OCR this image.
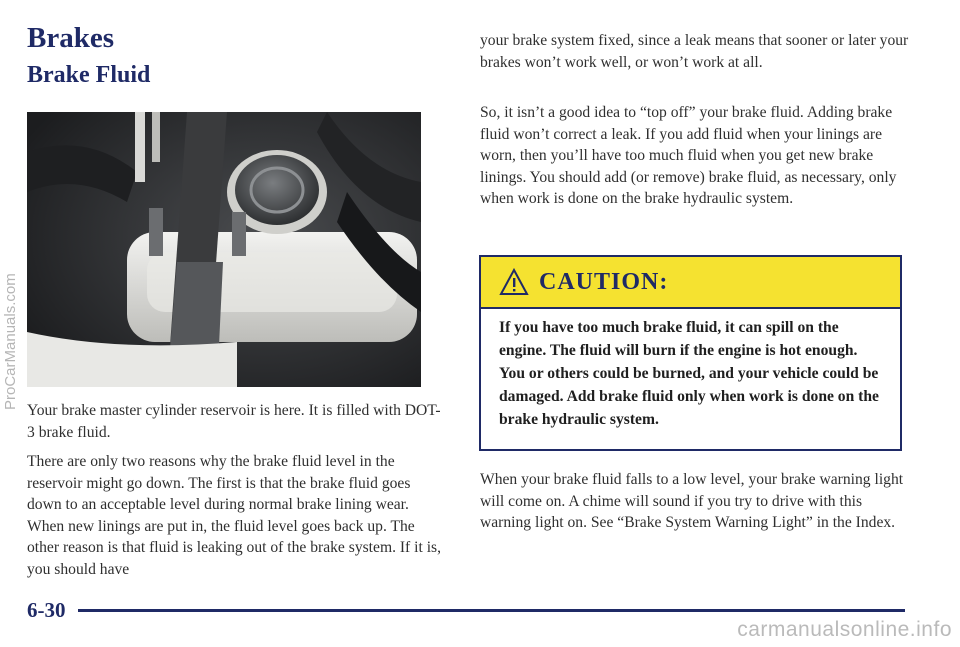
Brakes
Brake Fluid

Your brake master cylinder reservoir is here. It is filled with DOT-3 brake fluid.

There are only two reasons why the brake fluid level in the reservoir might go down. The first is that the brake fluid goes down to an acceptable level during normal brake lining wear. When new linings are put in, the fluid level goes back up. The other reason is that fluid is leaking out of the brake system. If it is, you should have

your brake system fixed, since a leak means that sooner or later your brakes won’t work well, or won’t work at all.

So, it isn’t a good idea to “top off” your brake fluid. Adding brake fluid won’t correct a leak. If you add fluid when your linings are worn, then you’ll have too much fluid when you get new brake linings. You should add (or remove) brake fluid, as necessary, only when work is done on the brake hydraulic system.

CAUTION:

If you have too much brake fluid, it can spill on the engine. The fluid will burn if the engine is hot enough. You or others could be burned, and your vehicle could be damaged. Add brake fluid only when work is done on the brake hydraulic system.

When your brake fluid falls to a low level, your brake warning light will come on. A chime will sound if you try to drive with this warning light on. See “Brake System Warning Light” in the Index.

6-30

ProCarManuals.com

carmanualsonline.info
